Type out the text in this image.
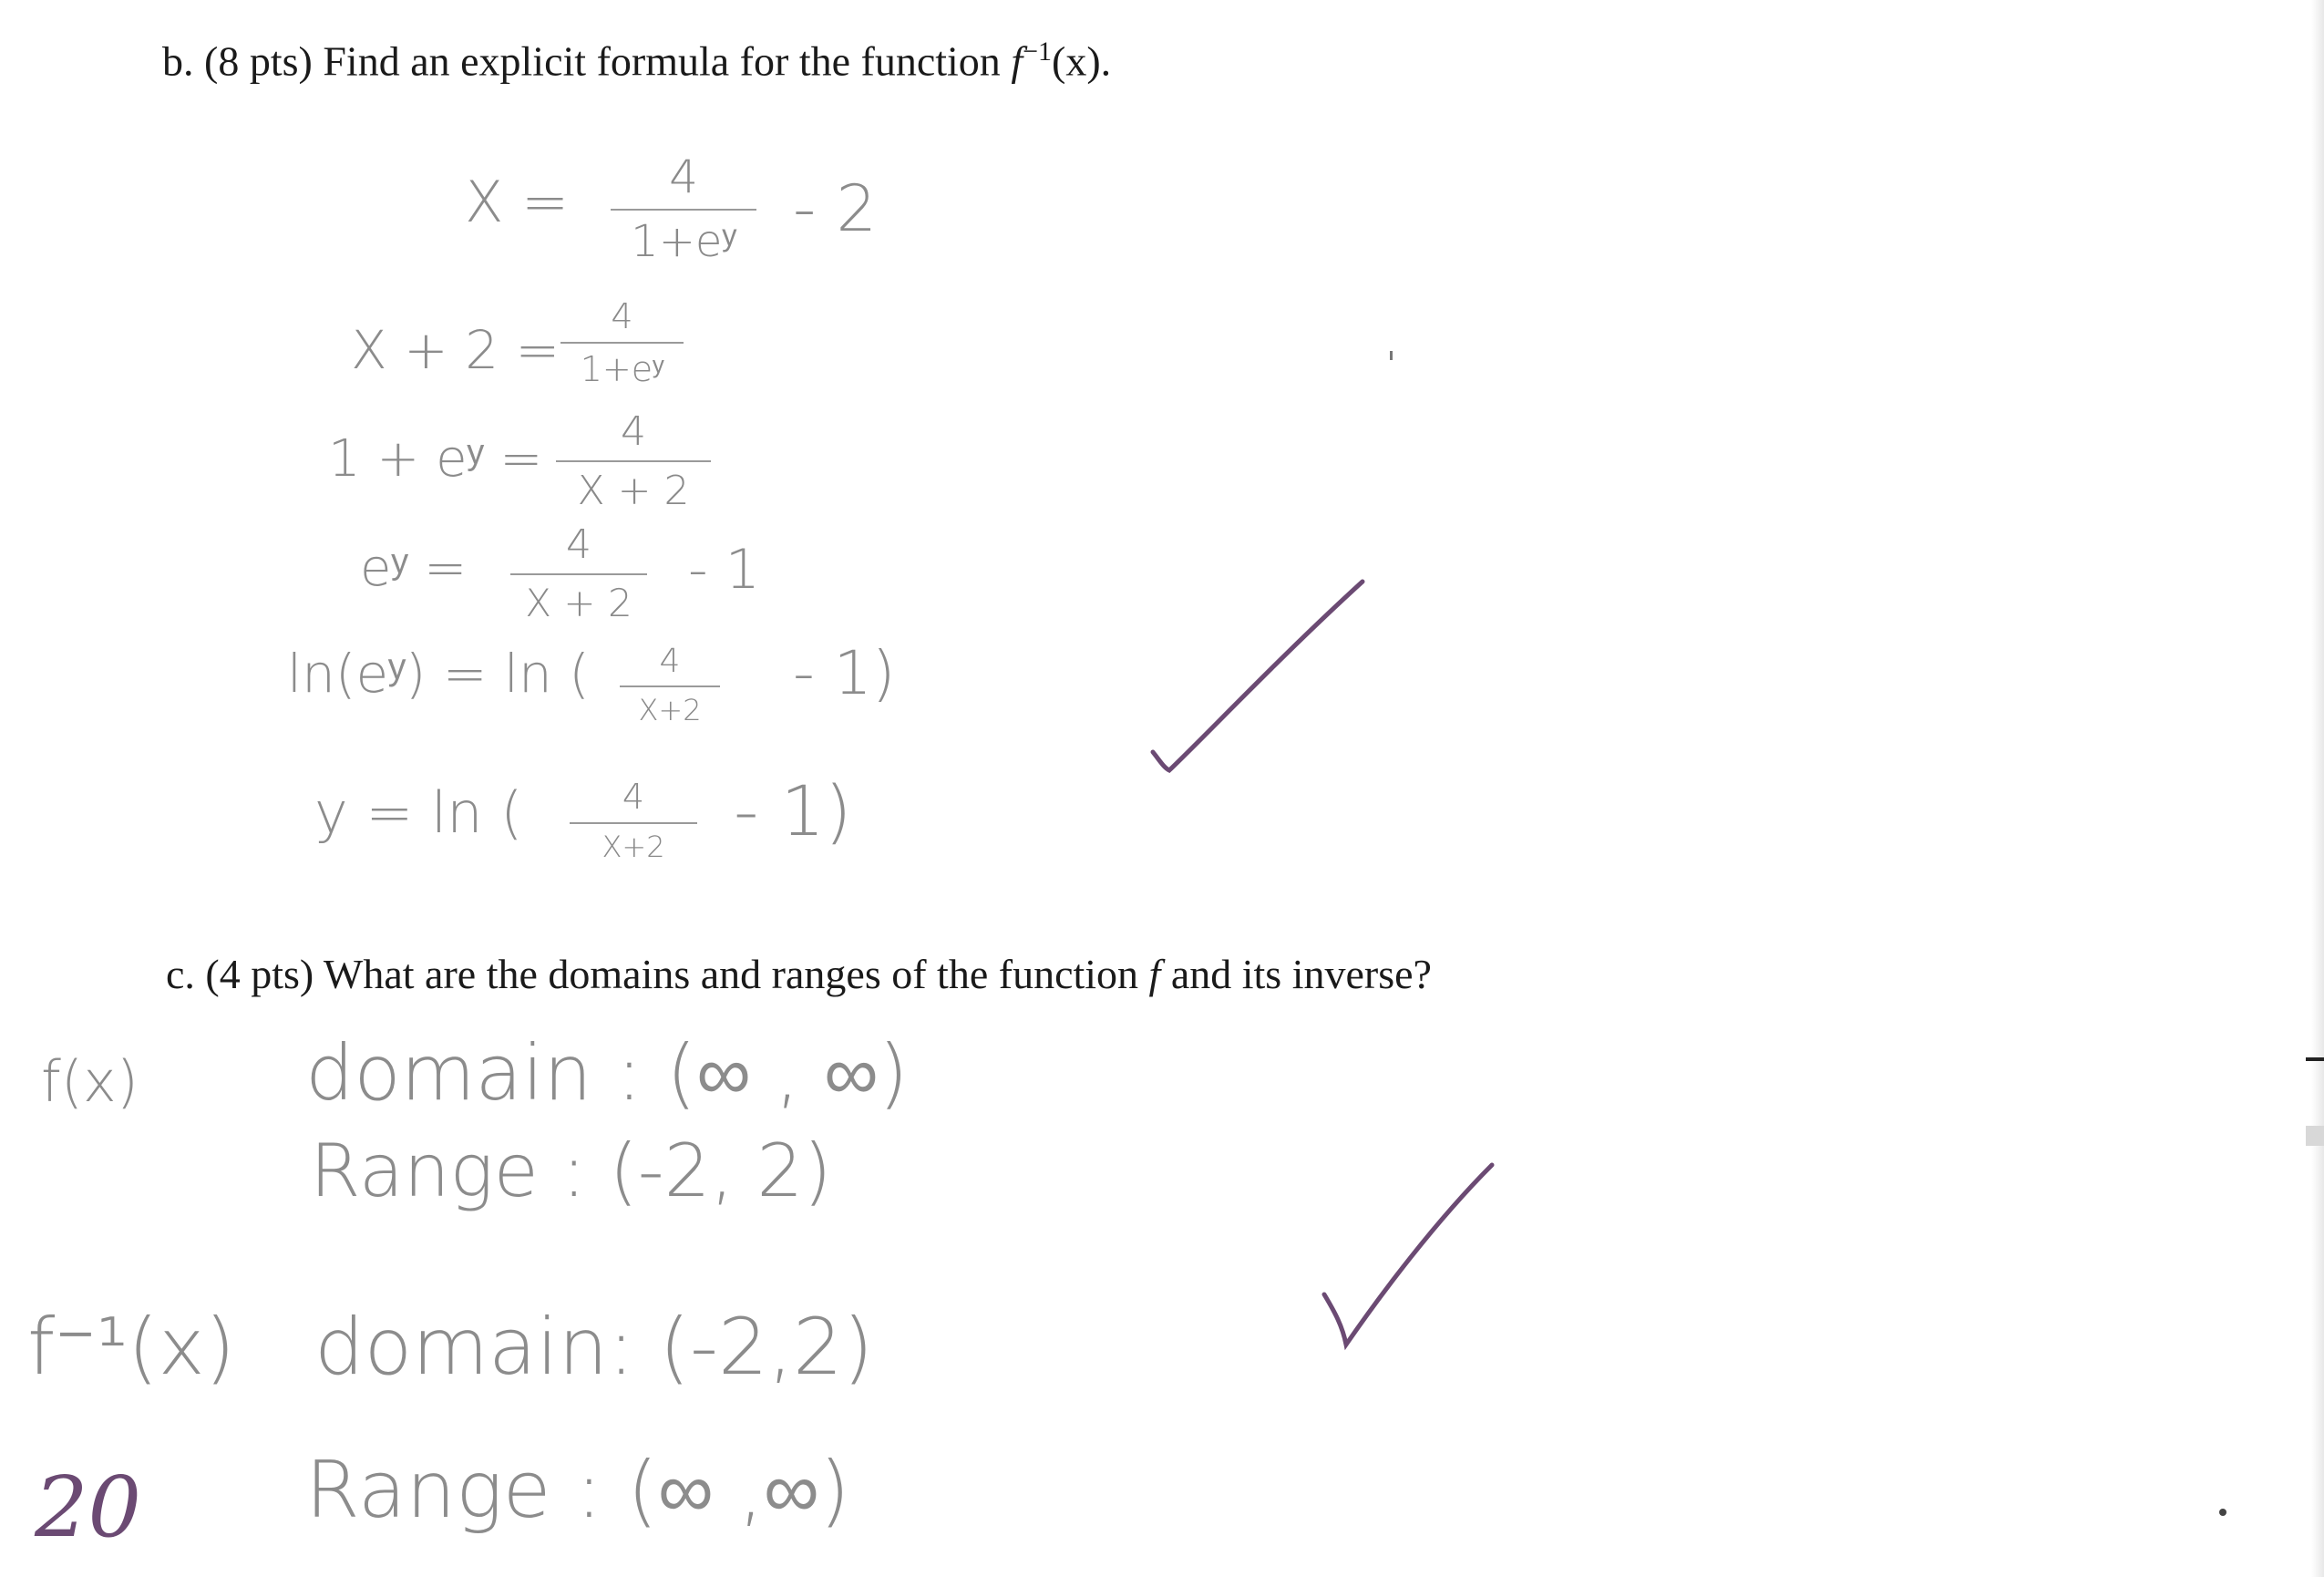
b. (8 pts) Find an explicit formula for the function $f^{-1}(x)$.
X = 4
1+eʸ - 2
X + 2 =
4
1+eʸ
1 + eʸ = 4
X + 2
eʸ = 4
X + 2
- 1
ln(eʸ) = ln ( 4
X+2
- 1)
y = ln (	4
X+2 - 1)
c. (4 pts) What are the domains and ranges of the function f and its inverse?
f(x) domain : (∞ , ∞)
Range : (-2, 2)
f⁻¹(x) domain: (-2,2)
Range : (∞ ,∞)
20
